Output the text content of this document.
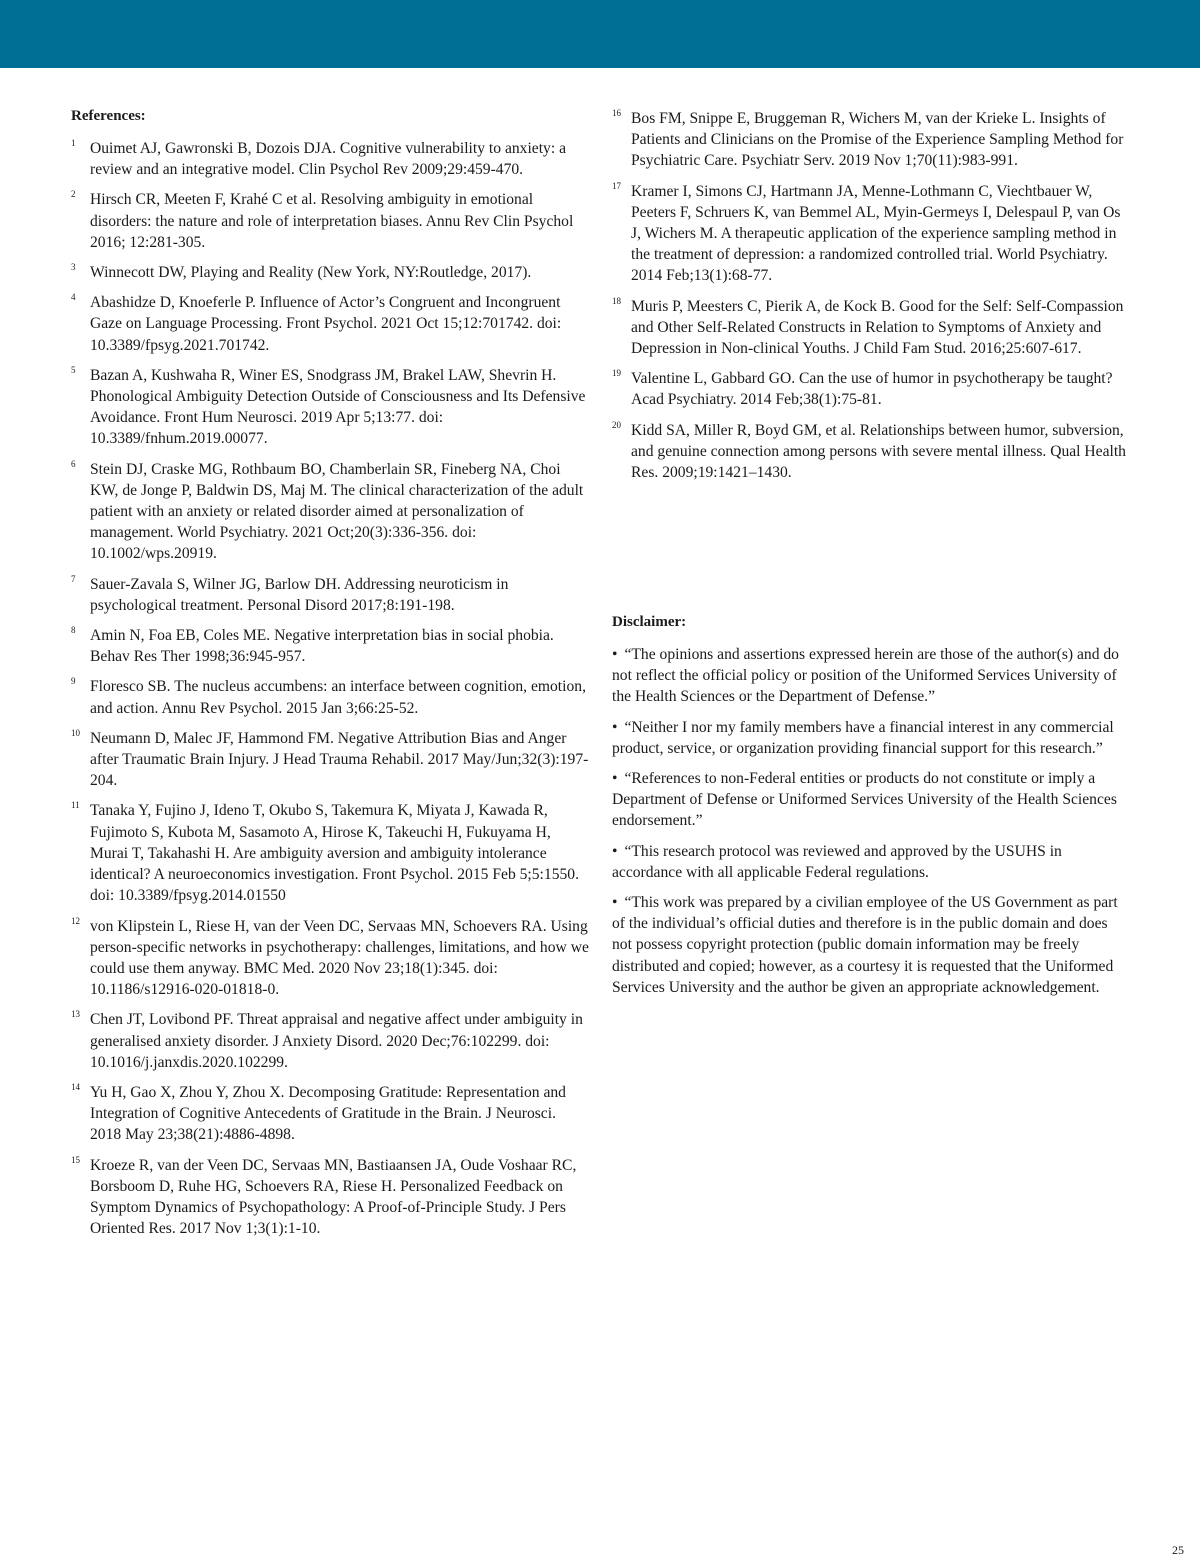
References:
1 Ouimet AJ, Gawronski B, Dozois DJA. Cognitive vulnerability to anxiety: a review and an integrative model. Clin Psychol Rev 2009;29:459-470.
2 Hirsch CR, Meeten F, Krahé C et al. Resolving ambiguity in emotional disorders: the nature and role of interpretation biases. Annu Rev Clin Psychol 2016; 12:281-305.
3 Winnecott DW, Playing and Reality (New York, NY:Routledge, 2017).
4 Abashidze D, Knoeferle P. Influence of Actor’s Congruent and Incongruent Gaze on Language Processing. Front Psychol. 2021 Oct 15;12:701742. doi: 10.3389/fpsyg.2021.701742.
5 Bazan A, Kushwaha R, Winer ES, Snodgrass JM, Brakel LAW, Shevrin H. Phonological Ambiguity Detection Outside of Consciousness and Its Defensive Avoidance. Front Hum Neurosci. 2019 Apr 5;13:77. doi: 10.3389/fnhum.2019.00077.
6 Stein DJ, Craske MG, Rothbaum BO, Chamberlain SR, Fineberg NA, Choi KW, de Jonge P, Baldwin DS, Maj M. The clinical characterization of the adult patient with an anxiety or related disorder aimed at personalization of management. World Psychiatry. 2021 Oct;20(3):336-356. doi: 10.1002/wps.20919.
7 Sauer-Zavala S, Wilner JG, Barlow DH. Addressing neuroticism in psychological treatment. Personal Disord 2017;8:191-198.
8 Amin N, Foa EB, Coles ME. Negative interpretation bias in social phobia. Behav Res Ther 1998;36:945-957.
9 Floresco SB. The nucleus accumbens: an interface between cognition, emotion, and action. Annu Rev Psychol. 2015 Jan 3;66:25-52.
10 Neumann D, Malec JF, Hammond FM. Negative Attribution Bias and Anger after Traumatic Brain Injury. J Head Trauma Rehabil. 2017 May/Jun;32(3):197-204.
11 Tanaka Y, Fujino J, Ideno T, Okubo S, Takemura K, Miyata J, Kawada R, Fujimoto S, Kubota M, Sasamoto A, Hirose K, Takeuchi H, Fukuyama H, Murai T, Takahashi H. Are ambiguity aversion and ambiguity intolerance identical? A neuroeconomics investigation. Front Psychol. 2015 Feb 5;5:1550. doi: 10.3389/fpsyg.2014.01550
12 von Klipstein L, Riese H, van der Veen DC, Servaas MN, Schoevers RA. Using person-specific networks in psychotherapy: challenges, limitations, and how we could use them anyway. BMC Med. 2020 Nov 23;18(1):345. doi: 10.1186/s12916-020-01818-0.
13 Chen JT, Lovibond PF. Threat appraisal and negative affect under ambiguity in generalised anxiety disorder. J Anxiety Disord. 2020 Dec;76:102299. doi: 10.1016/j.janxdis.2020.102299.
14 Yu H, Gao X, Zhou Y, Zhou X. Decomposing Gratitude: Representation and Integration of Cognitive Antecedents of Gratitude in the Brain. J Neurosci. 2018 May 23;38(21):4886-4898.
15 Kroeze R, van der Veen DC, Servaas MN, Bastiaansen JA, Oude Voshaar RC, Borsboom D, Ruhe HG, Schoevers RA, Riese H. Personalized Feedback on Symptom Dynamics of Psychopathology: A Proof-of-Principle Study. J Pers Oriented Res. 2017 Nov 1;3(1):1-10.
16 Bos FM, Snippe E, Bruggeman R, Wichers M, van der Krieke L. Insights of Patients and Clinicians on the Promise of the Experience Sampling Method for Psychiatric Care. Psychiatr Serv. 2019 Nov 1;70(11):983-991.
17 Kramer I, Simons CJ, Hartmann JA, Menne-Lothmann C, Viechtbauer W, Peeters F, Schruers K, van Bemmel AL, Myin-Germeys I, Delespaul P, van Os J, Wichers M. A therapeutic application of the experience sampling method in the treatment of depression: a randomized controlled trial. World Psychiatry. 2014 Feb;13(1):68-77.
18 Muris P, Meesters C, Pierik A, de Kock B. Good for the Self: Self-Compassion and Other Self-Related Constructs in Relation to Symptoms of Anxiety and Depression in Non-clinical Youths. J Child Fam Stud. 2016;25:607-617.
19 Valentine L, Gabbard GO. Can the use of humor in psychotherapy be taught? Acad Psychiatry. 2014 Feb;38(1):75-81.
20 Kidd SA, Miller R, Boyd GM, et al. Relationships between humor, subversion, and genuine connection among persons with severe mental illness. Qual Health Res. 2009;19:1421–1430.
Disclaimer:
• “The opinions and assertions expressed herein are those of the author(s) and do not reflect the official policy or position of the Uniformed Services University of the Health Sciences or the Department of Defense.”
• “Neither I nor my family members have a financial interest in any commercial product, service, or organization providing financial support for this research.”
• “References to non-Federal entities or products do not constitute or imply a Department of Defense or Uniformed Services University of the Health Sciences endorsement.”
• “This research protocol was reviewed and approved by the USUHS in accordance with all applicable Federal regulations.
• “This work was prepared by a civilian employee of the US Government as part of the individual’s official duties and therefore is in the public domain and does not possess copyright protection (public domain information may be freely distributed and copied; however, as a courtesy it is requested that the Uniformed Services University and the author be given an appropriate acknowledgement.
25
